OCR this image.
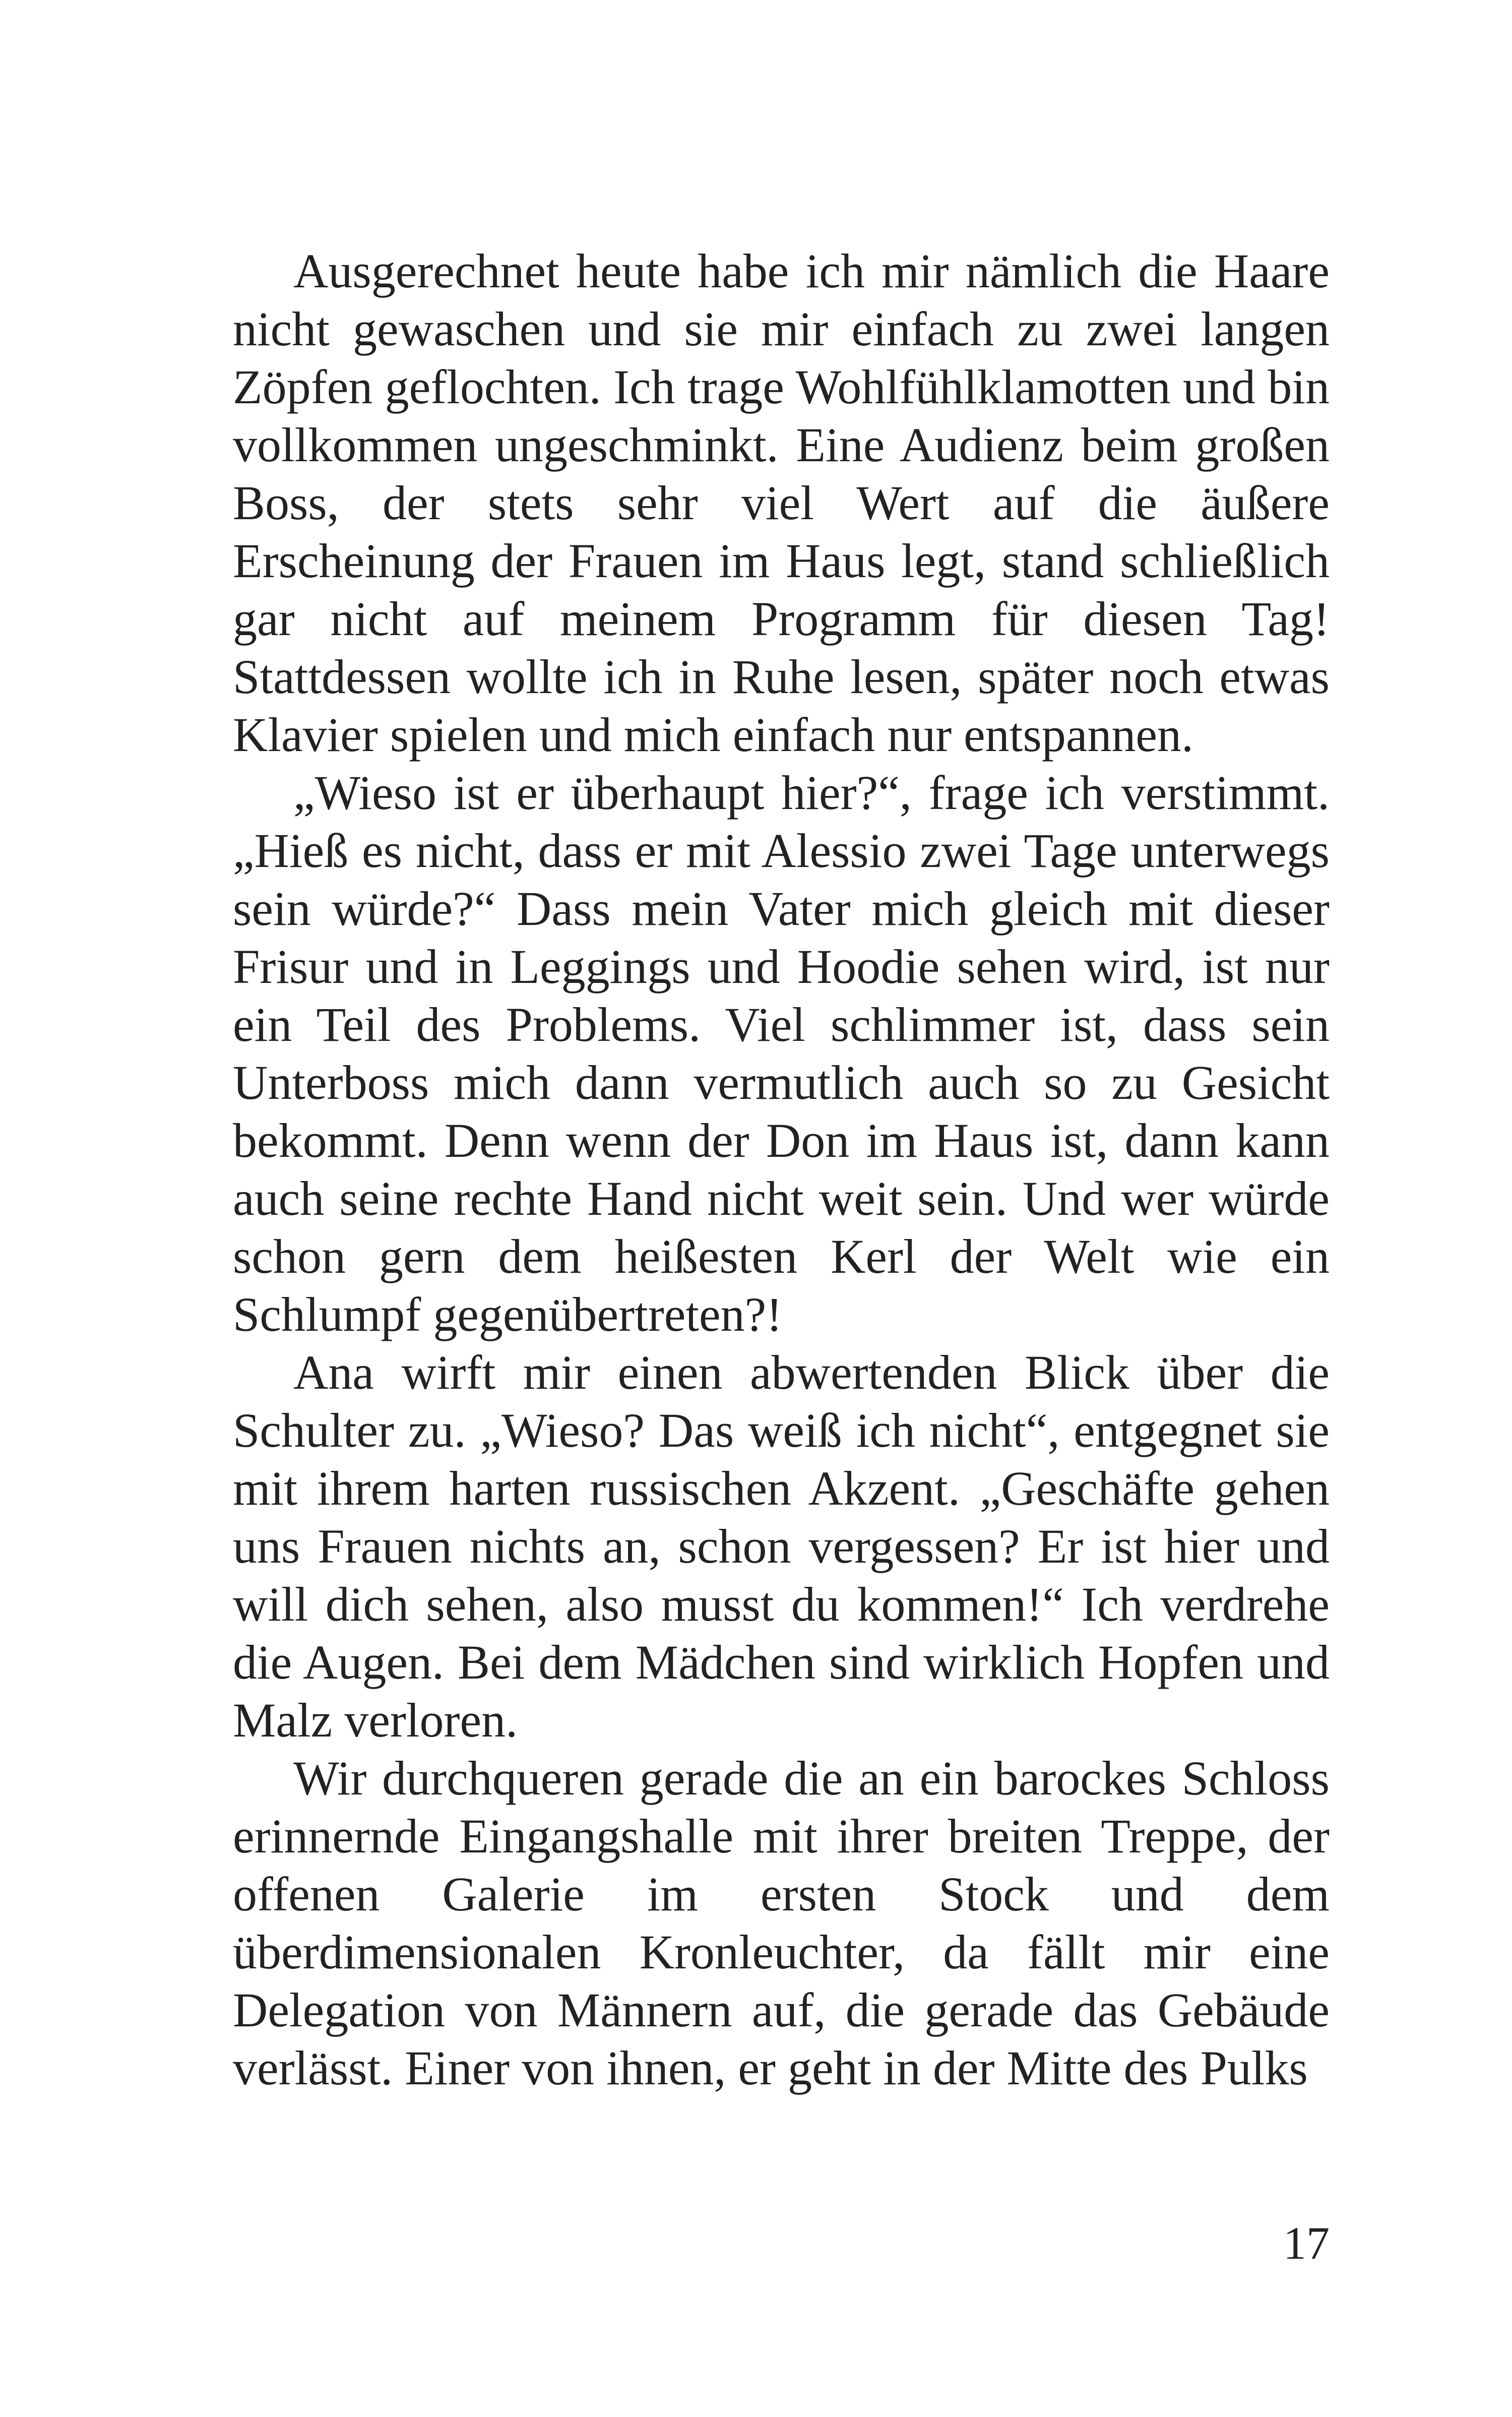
Ausgerechnet heute habe ich mir nämlich die Haare nicht gewaschen und sie mir einfach zu zwei langen Zöpfen geflochten. Ich trage Wohlfühlklamotten und bin vollkommen ungeschminkt. Eine Audienz beim großen Boss, der stets sehr viel Wert auf die äußere Erscheinung der Frauen im Haus legt, stand schließlich gar nicht auf meinem Programm für diesen Tag! Stattdessen wollte ich in Ruhe lesen, später noch etwas Klavier spielen und mich einfach nur entspannen.

„Wieso ist er überhaupt hier?“, frage ich verstimmt. „Hieß es nicht, dass er mit Alessio zwei Tage unterwegs sein würde?“ Dass mein Vater mich gleich mit dieser Frisur und in Leggings und Hoodie sehen wird, ist nur ein Teil des Problems. Viel schlimmer ist, dass sein Unterboss mich dann vermutlich auch so zu Gesicht bekommt. Denn wenn der Don im Haus ist, dann kann auch seine rechte Hand nicht weit sein. Und wer würde schon gern dem heißesten Kerl der Welt wie ein Schlumpf gegenübertreten?!

Ana wirft mir einen abwertenden Blick über die Schulter zu. „Wieso? Das weiß ich nicht“, entgegnet sie mit ihrem harten russischen Akzent. „Geschäfte gehen uns Frauen nichts an, schon vergessen? Er ist hier und will dich sehen, also musst du kommen!“ Ich verdrehe die Augen. Bei dem Mädchen sind wirklich Hopfen und Malz verloren.

Wir durchqueren gerade die an ein barockes Schloss erinnernde Eingangshalle mit ihrer breiten Treppe, der offenen Galerie im ersten Stock und dem überdimensionalen Kronleuchter, da fällt mir eine Delegation von Männern auf, die gerade das Gebäude verlässt. Einer von ihnen, er geht in der Mitte des Pulks

17
